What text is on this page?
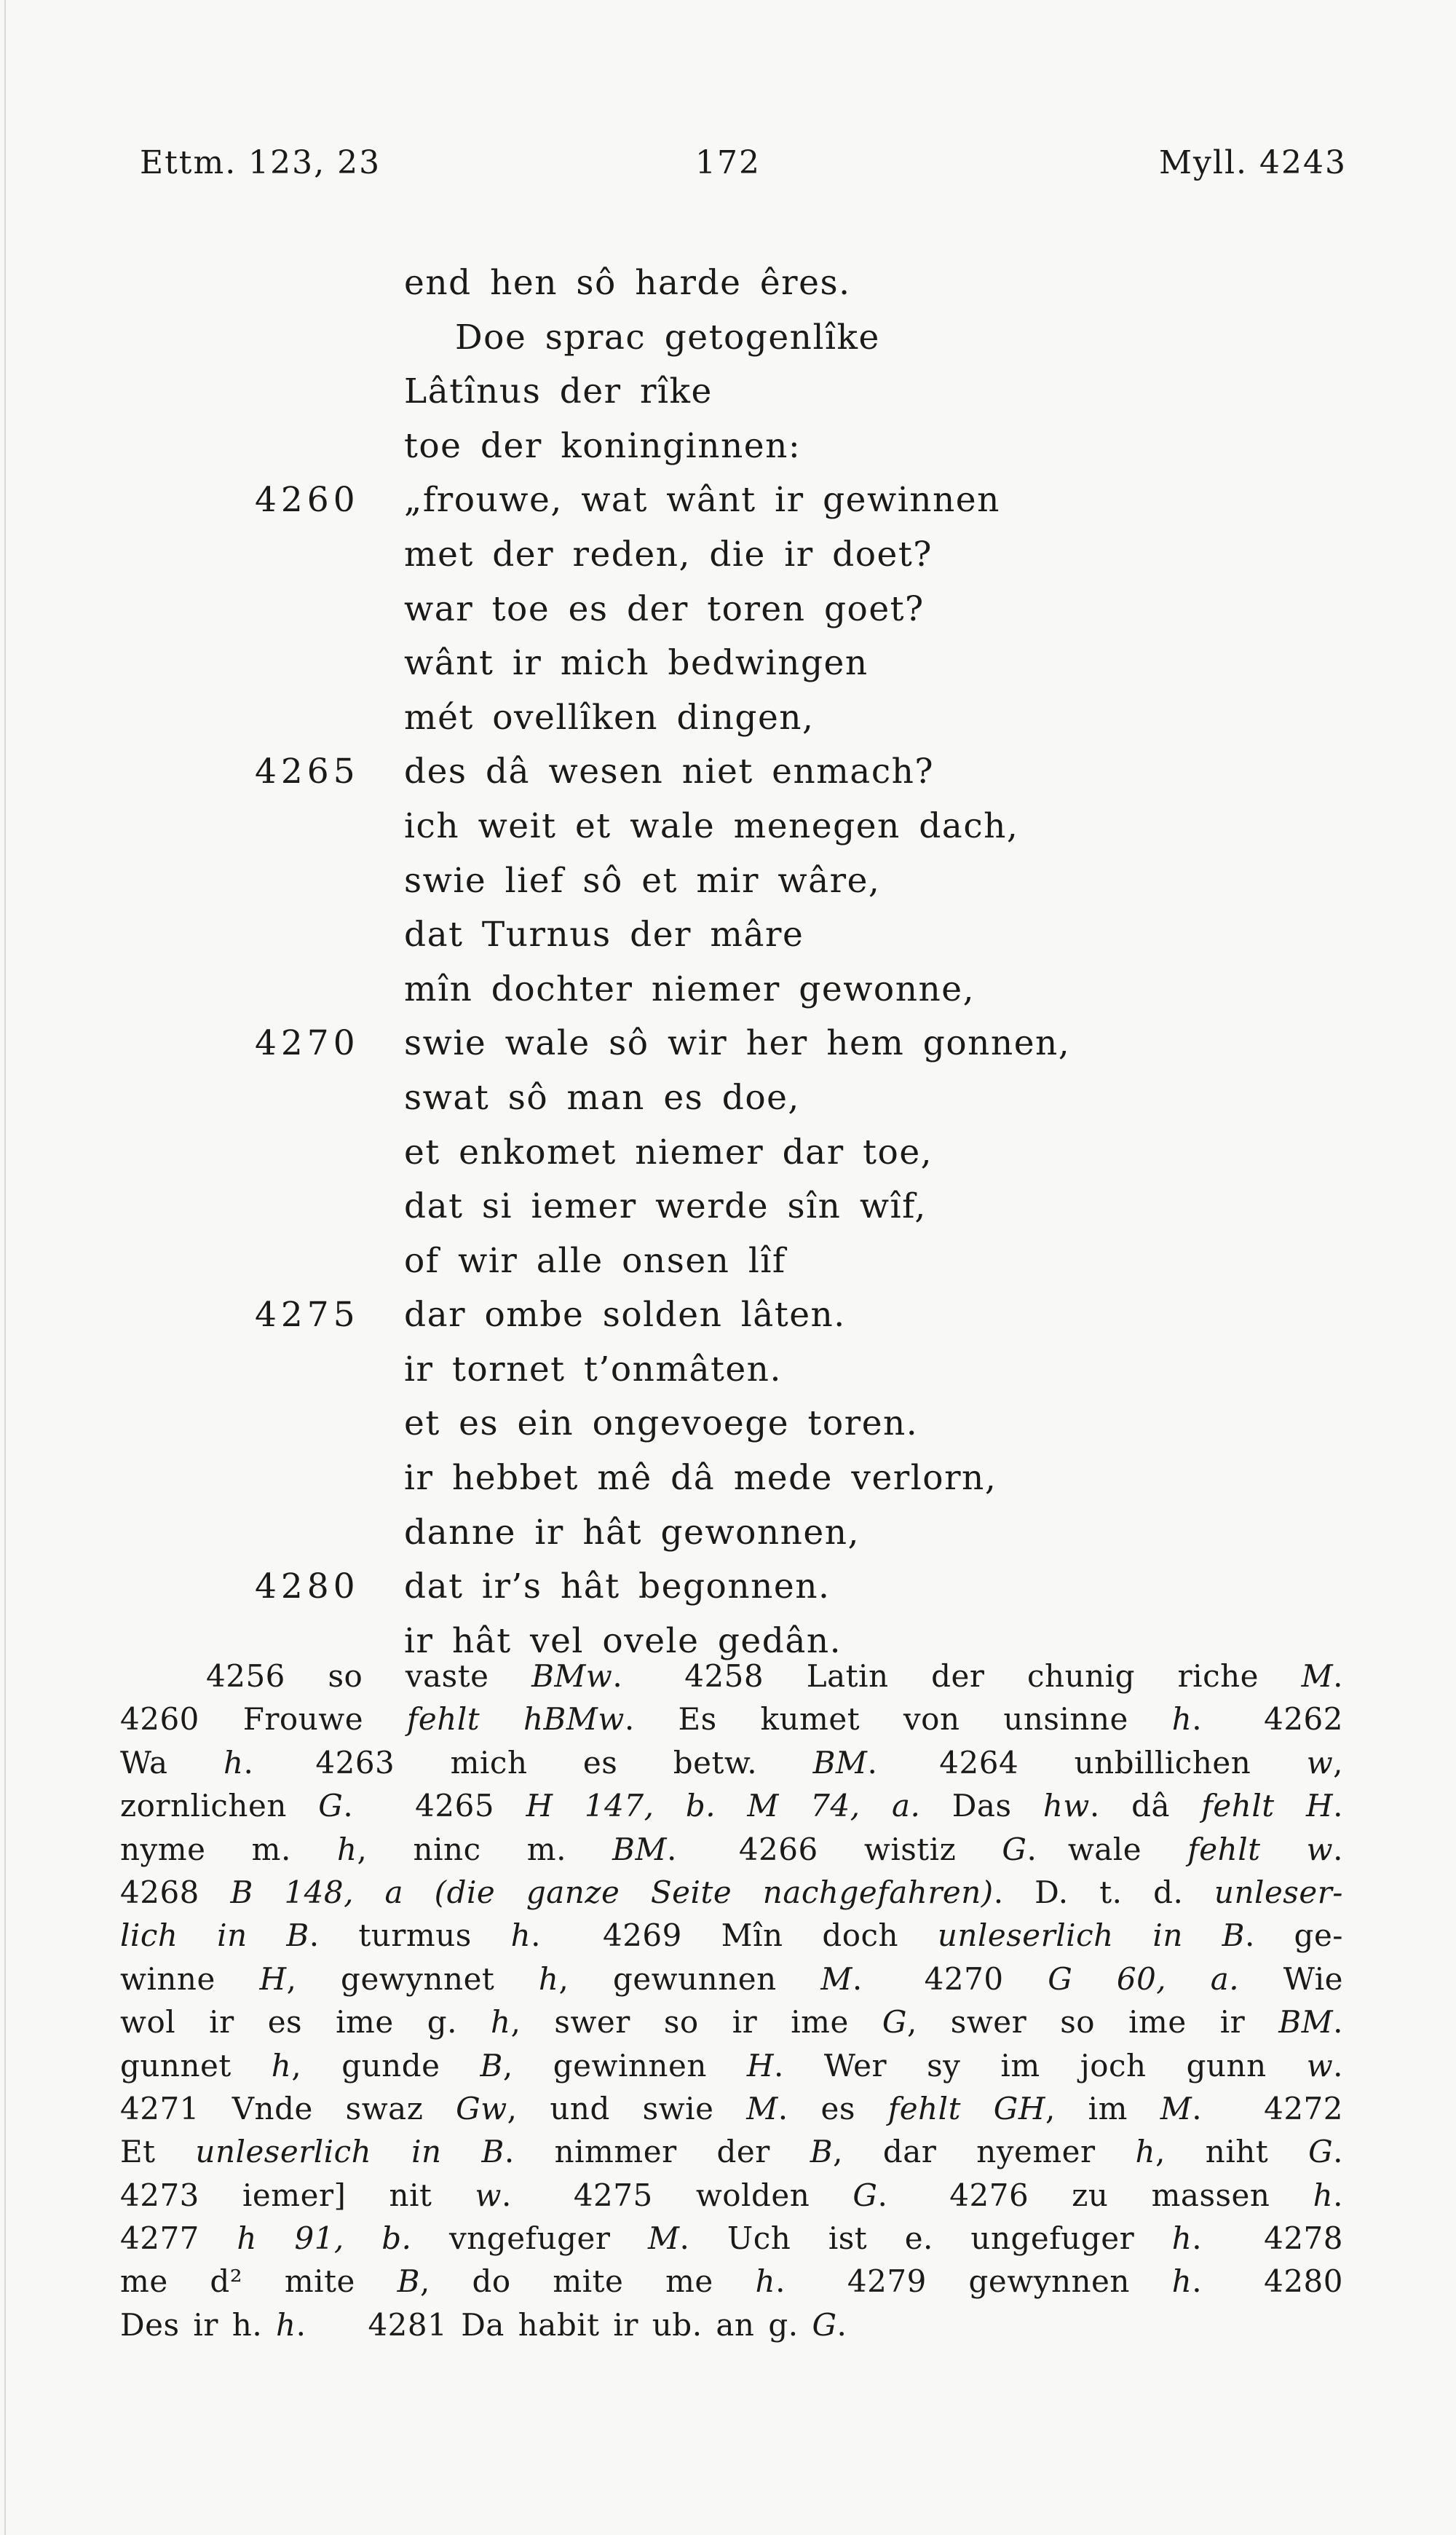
Ettm. 123, 23	172	Myll. 4243
end hen sô harde êres.
Doe sprac getogenlîke
Lâtînus der rîke
toe der koninginnen:
4260 „frouwe, wat wânt ir gewinnen
met der reden, die ir doet?
war toe es der toren goet?
wânt ir mich bedwingen
mét ovellîken dingen,
4265 des dâ wesen niet enmach?
ich weit et wale menegen dach,
swie lief sô et mir wâre,
dat Turnus der mâre
mîn dochter niemer gewonne,
4270 swie wale sô wir her hem gonnen,
swat sô man es doe,
et enkomet niemer dar toe,
dat si iemer werde sîn wîf,
of wir alle onsen lîf
4275 dar ombe solden lâten.
ir tornet t’onmâten.
et es ein ongevoege toren.
ir hebbet mê dâ mede verlorn,
danne ir hât gewonnen,
4280 dat ir’s hât begonnen.
ir hât vel ovele gedân.
4256 so vaste BMw.  4258 Latin der chunig riche M.
4260 Frouwe fehlt hBMw. Es kumet von unsinne h.  4262
Wa h.  4263 mich es betw. BM.  4264 unbillichen w,
zornlichen G.  4265 H 147, b. M 74, a. Das hw. dâ fehlt H.
nyme m. h, ninc m. BM.  4266 wistiz G. wale fehlt w.
4268 B 148, a (die ganze Seite nachgefahren). D. t. d. unleser-
lich in B. turmus h.  4269 Mîn doch unleserlich in B. ge-
winne H, gewynnet h, gewunnen M.  4270 G 60, a. Wie
wol ir es ime g. h, swer so ir ime G, swer so ime ir BM.
gunnet h, gunde B, gewinnen H. Wer sy im joch gunn w.
4271 Vnde swaz Gw, und swie M. es fehlt GH, im M.  4272
Et unleserlich in B. nimmer der B, dar nyemer h, niht G.
4273 iemer] nit w.  4275 wolden G.  4276 zu massen h.
4277 h 91, b. vngefuger M. Uch ist e. ungefuger h.  4278
me d² mite B, do mite me h.  4279 gewynnen h.  4280
Des ir h. h.  4281 Da habit ir ub. an g. G.
